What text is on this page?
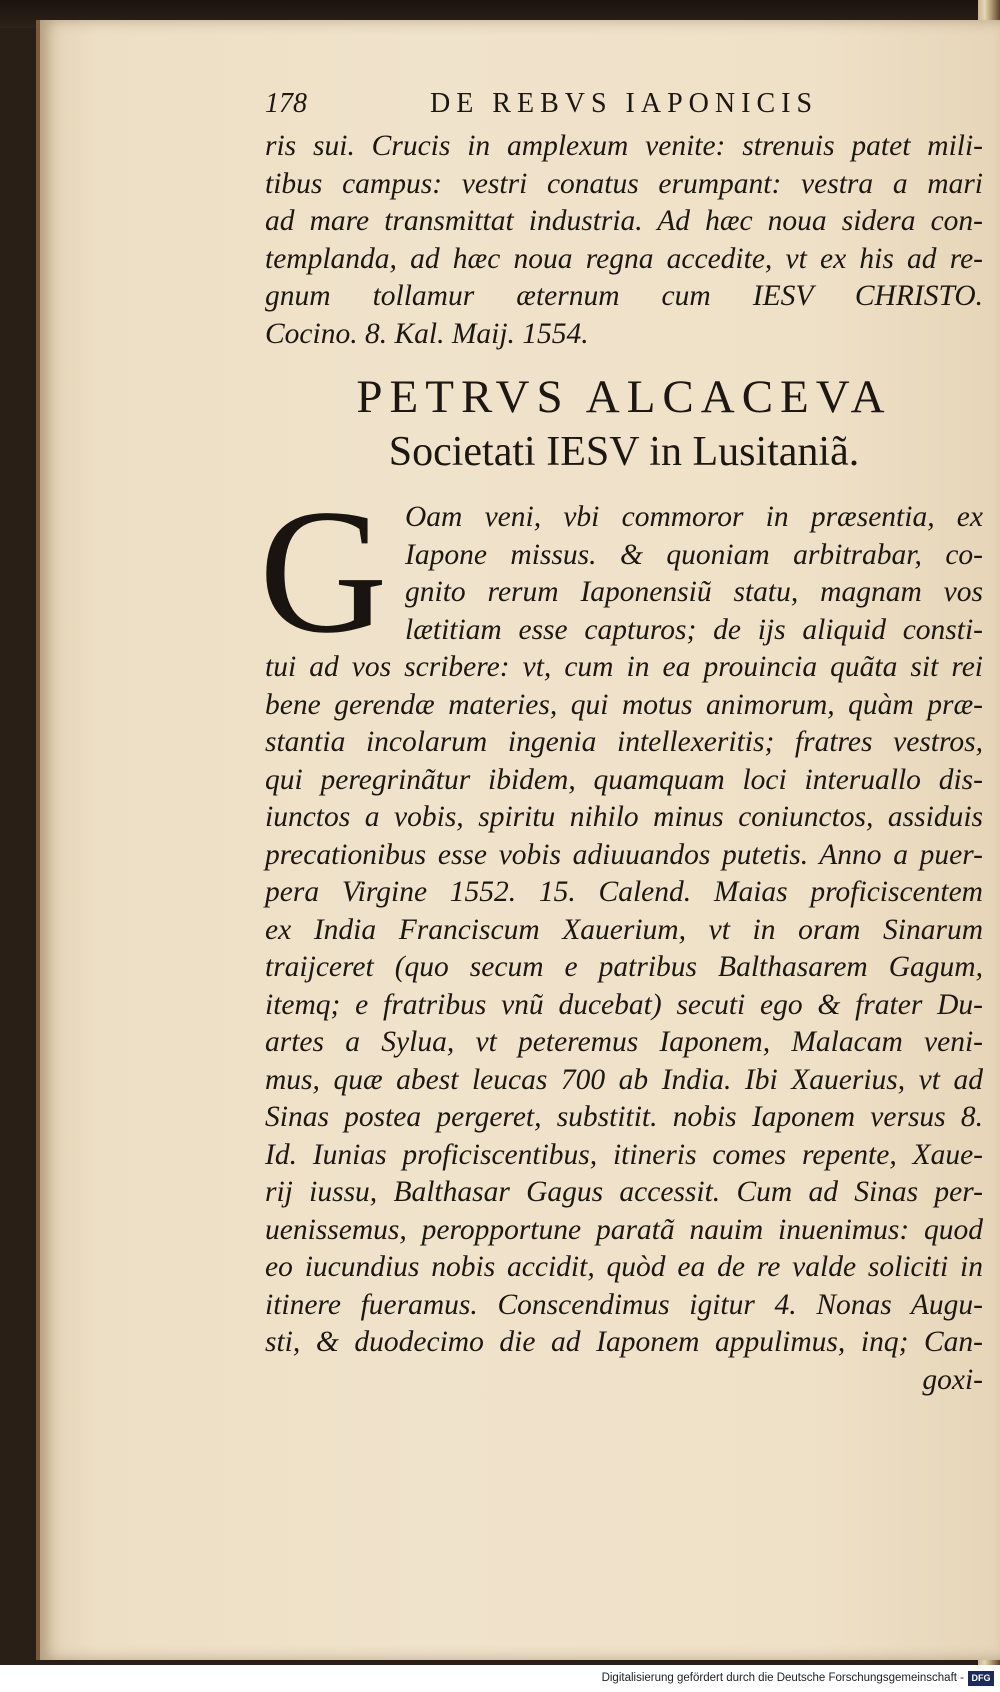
178	DE REBVS IAPONICIS
ris sui. Crucis in amplexum venite: strenuis patet mili-
tibus campus: vestri conatus erumpant: vestra a mari
ad mare transmittat industria. Ad hæc noua sidera con-
templanda, ad hæc noua regna accedite, vt ex his ad re-
gnum tollamur æternum cum IESV CHRISTO.
Cocino. 8. Kal. Maij. 1554.
PETRVS ALCACEVA
Societati IESV in Lusitaniã.
G Oam veni, vbi commoror in præsentia, ex
Iapone missus. & quoniam arbitrabar, co-
gnito rerum Iaponensiũ statu, magnam vos
lætitiam esse capturos; de ijs aliquid consti-
tui ad vos scribere: vt, cum in ea prouincia quãta sit rei
bene gerendæ materies, qui motus animorum, quàm præ-
stantia incolarum ingenia intellexeritis; fratres vestros,
qui peregrinãtur ibidem, quamquam loci interuallo dis-
iunctos a vobis, spiritu nihilo minus coniunctos, assiduis
precationibus esse vobis adiuuandos putetis. Anno a puer-
pera Virgine 1552. 15. Calend. Maias proficiscentem
ex India Franciscum Xauerium, vt in oram Sinarum
traijceret (quo secum e patribus Balthasarem Gagum,
itemq; e fratribus vnũ ducebat) secuti ego & frater Du-
artes a Sylua, vt peteremus Iaponem, Malacam veni-
mus, quæ abest leucas 700 ab India. Ibi Xauerius, vt ad
Sinas postea pergeret, substitit. nobis Iaponem versus 8.
Id. Iunias proficiscentibus, itineris comes repente, Xaue-
rij iussu, Balthasar Gagus accessit. Cum ad Sinas per-
uenissemus, peropportune paratã nauim inuenimus: quod
eo iucundius nobis accidit, quòd ea de re valde soliciti in
itinere fueramus. Conscendimus igitur 4. Nonas Augu-
sti, & duodecimo die ad Iaponem appulimus, inq; Can-
goxi-
Digitalisierung gefördert durch die Deutsche Forschungsgemeinschaft - DFG
